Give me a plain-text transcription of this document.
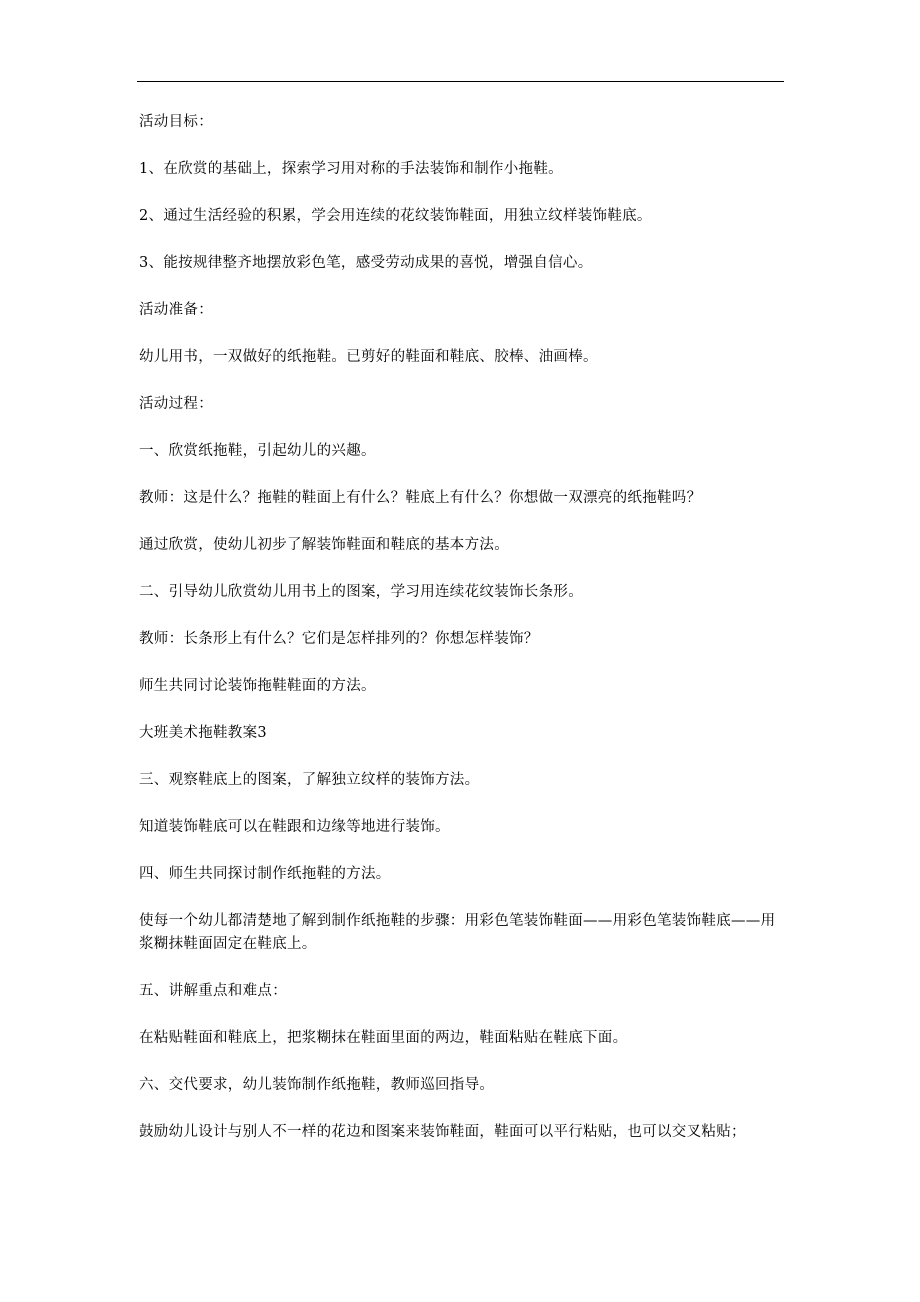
活动目标：

1、在欣赏的基础上，探索学习用对称的手法装饰和制作小拖鞋。

2、通过生活经验的积累，学会用连续的花纹装饰鞋面，用独立纹样装饰鞋底。

3、能按规律整齐地摆放彩色笔，感受劳动成果的喜悦，增强自信心。

活动准备：

幼儿用书，一双做好的纸拖鞋。已剪好的鞋面和鞋底、胶棒、油画棒。

活动过程：

一、欣赏纸拖鞋，引起幼儿的兴趣。

教师：这是什么？拖鞋的鞋面上有什么？鞋底上有什么？你想做一双漂亮的纸拖鞋吗？

通过欣赏，使幼儿初步了解装饰鞋面和鞋底的基本方法。

二、引导幼儿欣赏幼儿用书上的图案，学习用连续花纹装饰长条形。

教师：长条形上有什么？它们是怎样排列的？你想怎样装饰？

师生共同讨论装饰拖鞋鞋面的方法。

大班美术拖鞋教案3

三、观察鞋底上的图案，了解独立纹样的装饰方法。

知道装饰鞋底可以在鞋跟和边缘等地进行装饰。

四、师生共同探讨制作纸拖鞋的方法。

使每一个幼儿都清楚地了解到制作纸拖鞋的步骤：用彩色笔装饰鞋面——用彩色笔装饰鞋底——用浆糊抹鞋面固定在鞋底上。

五、讲解重点和难点：

在粘贴鞋面和鞋底上，把浆糊抹在鞋面里面的两边，鞋面粘贴在鞋底下面。

六、交代要求，幼儿装饰制作纸拖鞋，教师巡回指导。

鼓励幼儿设计与别人不一样的花边和图案来装饰鞋面，鞋面可以平行粘贴，也可以交叉粘贴；
